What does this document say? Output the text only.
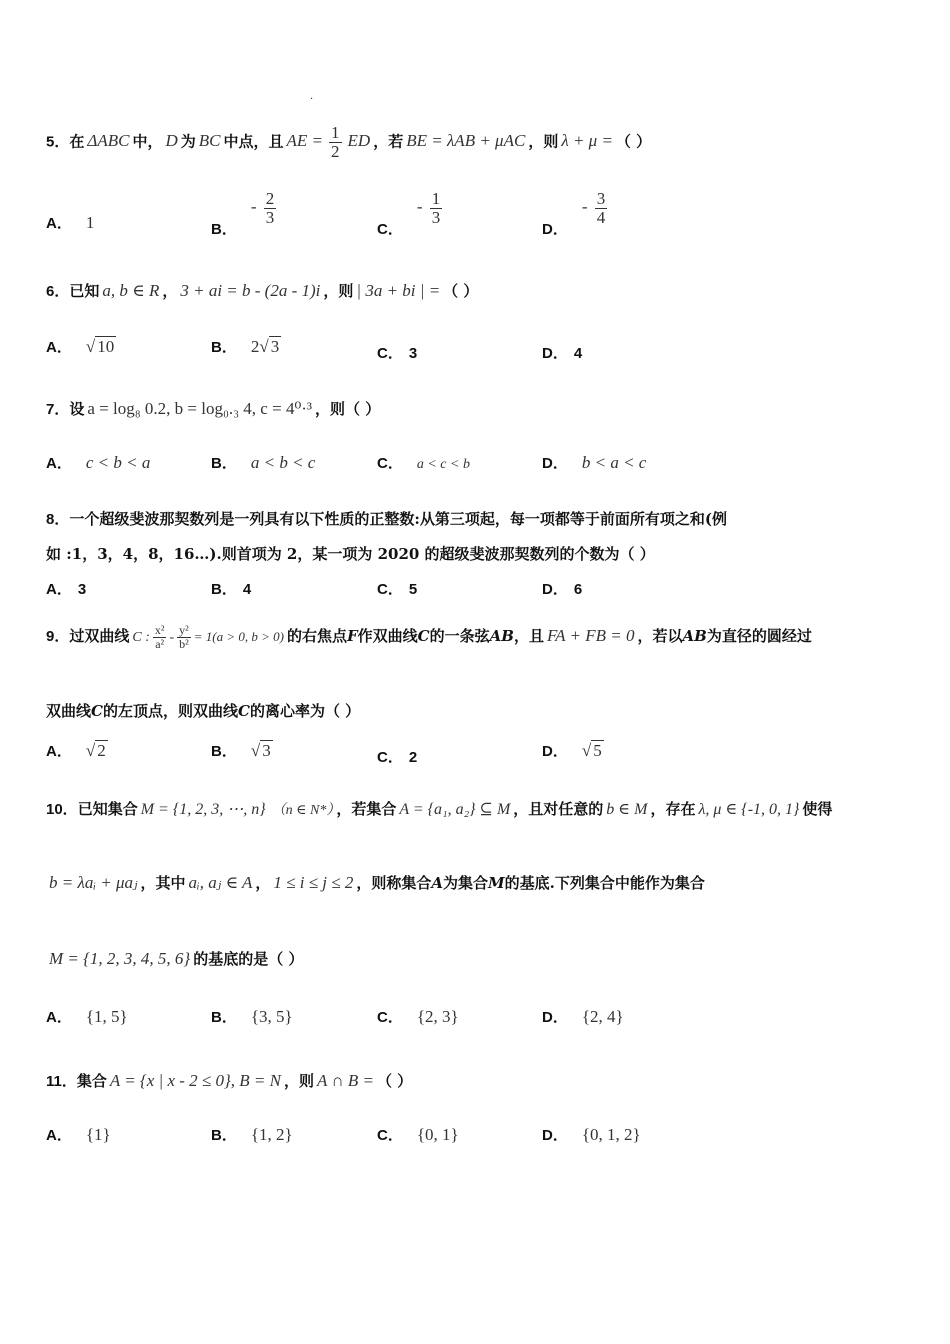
·
5．在 ΔABC 中， D 为 BC 中点，且 AE = $\frac{1}{2}$ ED ，若 BE = λAB + μAC ，则 λ + μ = （ ）
A． 1	B．- $\frac{2}{3}$
C．- $\frac{1}{3}$
D．- $\frac{3}{4}$
6．已知 a, b ∈ R ， 3 + ai = b - (2a - 1)i ，则 | 3a + bi | = （ ）
A． √ 10	B． 2√ 3	C． 3	D． 4
7．设 a = log₈ 0.2, b = log₀.₃ 4, c = 4⁰·³ ，则（ ）
A． c < b < a	B． a < b < c	C． a < c < b	D． b < a < c
8．一个超级斐波那契数列是一列具有以下性质的正整数:从第三项起，每一项都等于前面所有项之和(例
如 :1，3，4，8，16…).则首项为 2，某一项为 2020 的超级斐波那契数列的个数为（ ）
A． 3	B． 4	C． 5	D． 6
9．过双曲线 C : $\frac{\text{x²}}{\text{a²}} - \frac{\text{y²}}{\text{b²}} = 1(a > 0$, b > 0) 的右焦点F作双曲线C的一条弦AB，且 FA + FB = 0 ，若以AB为直径的圆经过
双曲线C的左顶点，则双曲线C的离心率为（ ）
A． √ 2	B． √ 3	C． 2	D． √ 5
10．已知集合 M = {1, 2, 3, ⋯, n} （n ∈ N*） ，若集合 A = {a₁, a₂} ⊆ M ，且对任意的 b ∈ M ，存在 λ, μ ∈ {-1, 0, 1} 使得
b = λaᵢ + μaⱼ ，其中 aᵢ, aⱼ ∈ A ， 1 ≤ i ≤ j ≤ 2 ，则称集合A为集合M的基底.下列集合中能作为集合
M = {1, 2, 3, 4, 5, 6} 的基底的是（ ）
A． {1, 5}	B． {3, 5}	C． {2, 3}	D． {2, 4}
11．集合 A = {x | x - 2 ≤ 0}, B = N ，则 A ∩ B = （ ）
A． {1}	B． {1, 2}	C． {0, 1}	D． {0, 1, 2}
